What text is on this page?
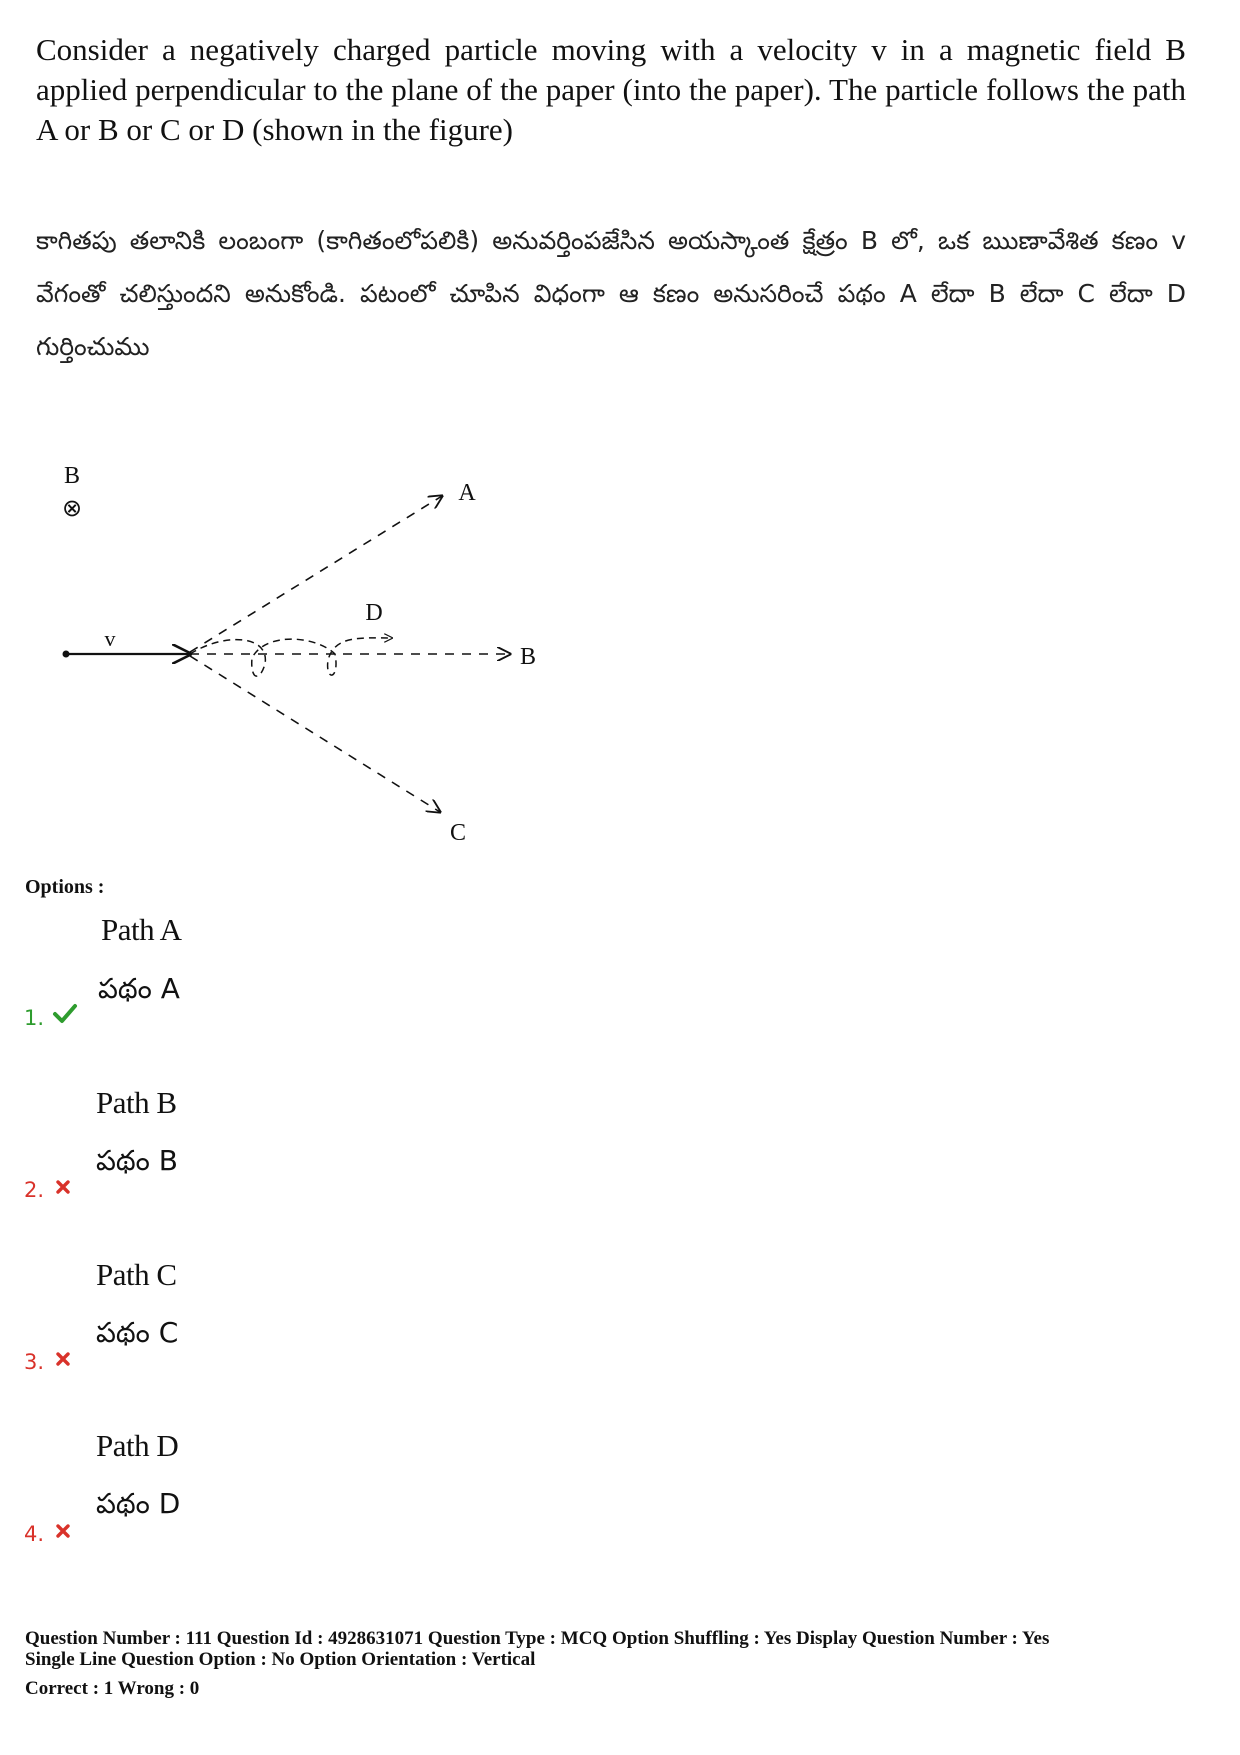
Consider a negatively charged particle moving with a velocity v in a magnetic field B applied perpendicular to the plane of the paper (into the paper). The particle follows the path A or B or C or D (shown in the figure)
కాగితపు తలానికి లంబంగా (కాగితంలోపలికి) అనువర్తింపజేసిన అయస్కాంత క్షేత్రం B లో, ఒక ఋణావేశిత కణం v వేగంతో చలిస్తుందని అనుకోండి. పటంలో చూపిన విధంగా ఆ కణం అనుసరించే పథం A లేదా B లేదా C లేదా D గుర్తించుము
B
⊗
v
A
B
C
D
Options :
Path A
పథం A
1.
Path B
పథం B
2.
Path C
పథం C
3.
Path D
పథం D
4.
Question Number : 111 Question Id : 4928631071 Question Type : MCQ Option Shuffling : Yes Display Question Number : Yes
Single Line Question Option : No Option Orientation : Vertical
Correct : 1 Wrong : 0
